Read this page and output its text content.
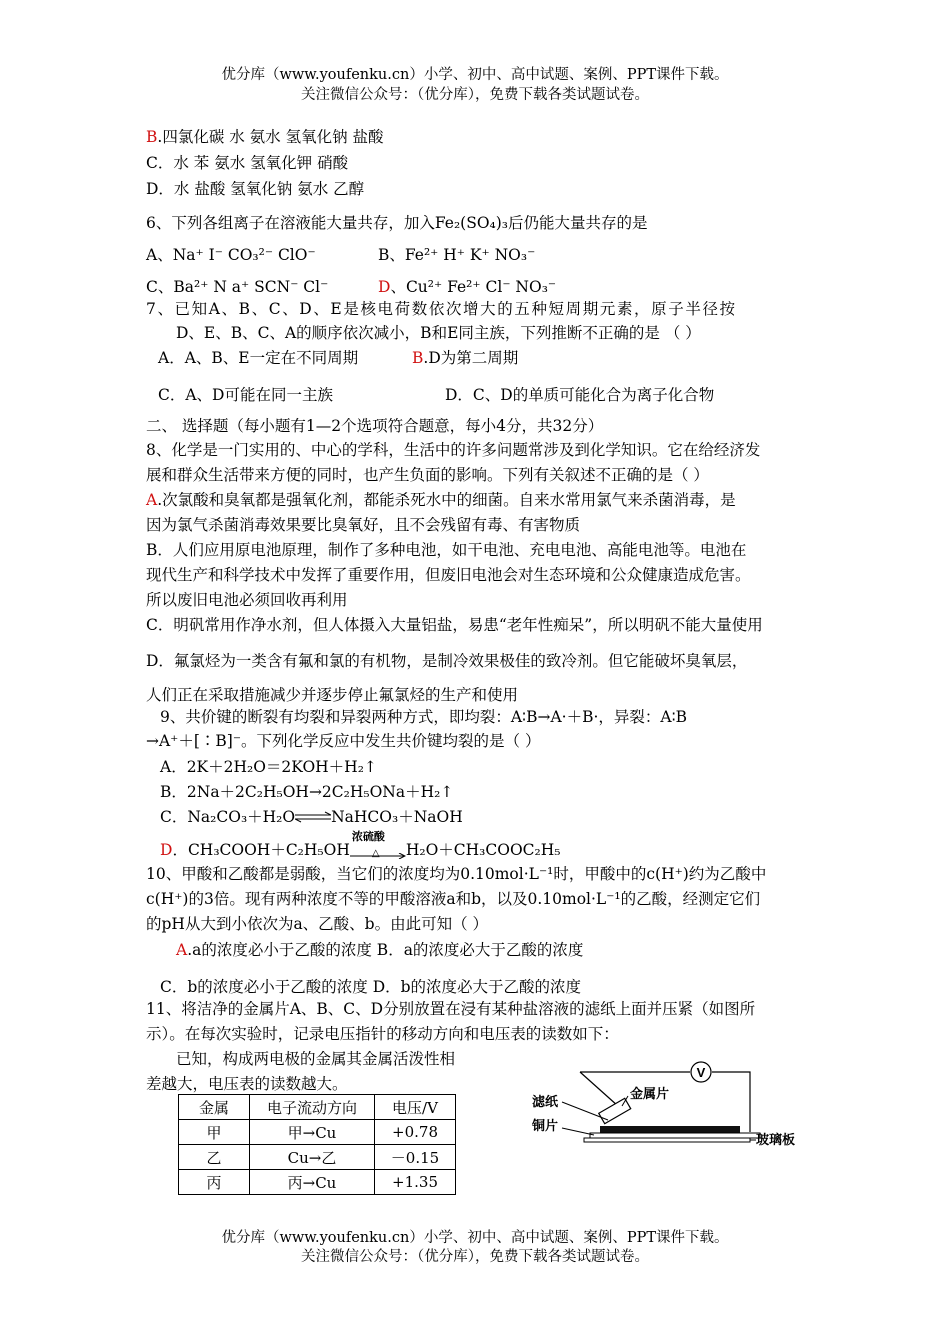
优分库（www.youfenku.cn）小学、初中、高中试题、案例、PPT课件下载。
关注微信公众号：（优分库），免费下载各类试题试卷。
B.四氯化碳 水 氨水 氢氧化钠 盐酸
C．水 苯 氨水 氢氧化钾 硝酸
D．水 盐酸 氢氧化钠 氨水 乙醇
6、下列各组离子在溶液能大量共存，加入Fe₂(SO₄)₃后仍能大量共存的是
A、Na⁺ I⁻ CO₃²⁻ ClO⁻	B、Fe²⁺ H⁺ K⁺ NO₃⁻
C、Ba²⁺ N a⁺ SCN⁻ Cl⁻	D、Cu²⁺ Fe²⁺ Cl⁻ NO₃⁻
7、已知A、B、C、D、E是核电荷数依次增大的五种短周期元素，原子半径按
D、E、B、C、A的顺序依次减小，B和E同主族，下列推断不正确的是 （ ）
A．A、B、E一定在不同周期	B.D为第二周期
C．A、D可能在同一主族	D．C、D的单质可能化合为离子化合物
二、 选择题（每小题有1—2个选项符合题意，每小4分，共32分）
8、化学是一门实用的、中心的学科，生活中的许多问题常涉及到化学知识。它在给经济发
展和群众生活带来方便的同时，也产生负面的影响。下列有关叙述不正确的是（ ）
A.次氯酸和臭氧都是强氧化剂，都能杀死水中的细菌。自来水常用氯气来杀菌消毒，是
因为氯气杀菌消毒效果要比臭氧好，且不会残留有毒、有害物质
B．人们应用原电池原理，制作了多种电池，如干电池、充电电池、高能电池等。电池在
现代生产和科学技术中发挥了重要作用，但废旧电池会对生态环境和公众健康造成危害。
所以废旧电池必须回收再利用
C．明矾常用作净水剂，但人体摄入大量铝盐，易患“老年性痴呆”，所以明矾不能大量使用
D．氟氯烃为一类含有氟和氯的有机物，是制冷效果极佳的致冷剂。但它能破坏臭氧层，
人们正在采取措施减少并逐步停止氟氯烃的生产和使用
9、共价键的断裂有均裂和异裂两种方式，即均裂：A∶B→A·＋B·，异裂：A∶B
→A⁺＋[∶B]⁻。下列化学反应中发生共价键均裂的是（ ）
A．2K＋2H₂O＝2KOH＋H₂↑
B．2Na＋2C₂H₅OH→2C₂H₅ONa＋H₂↑
C．Na₂CO₃＋H₂O⇌NaHCO₃＋NaOH
D．CH₃COOH＋C₂H₅OH
浓硫酸
△ H₂O＋CH₃COOC₂H₅
10、甲酸和乙酸都是弱酸，当它们的浓度均为0.10mol·L⁻¹时，甲酸中的c(H⁺)约为乙酸中
c(H⁺)的3倍。现有两种浓度不等的甲酸溶液a和b，以及0.10mol·L⁻¹的乙酸，经测定它们
的pH从大到小依次为a、乙酸、b。由此可知（ ）
A.a的浓度必小于乙酸的浓度 B．a的浓度必大于乙酸的浓度
C．b的浓度必小于乙酸的浓度 D．b的浓度必大于乙酸的浓度
11、将洁净的金属片A、B、C、D分别放置在浸有某种盐溶液的滤纸上面并压紧（如图所
示）。在每次实验时，记录电压指针的移动方向和电压表的读数如下：
已知，构成两电极的金属其金属活泼性相
差越大，电压表的读数越大。
金属	电子流动方向	电压/V
甲	甲→Cu	+0.78
乙	Cu→乙	－0.15
丙	丙→Cu	+1.35
V
金属片
滤纸
铜片
玻璃板
优分库（www.youfenku.cn）小学、初中、高中试题、案例、PPT课件下载。
关注微信公众号：（优分库），免费下载各类试题试卷。
